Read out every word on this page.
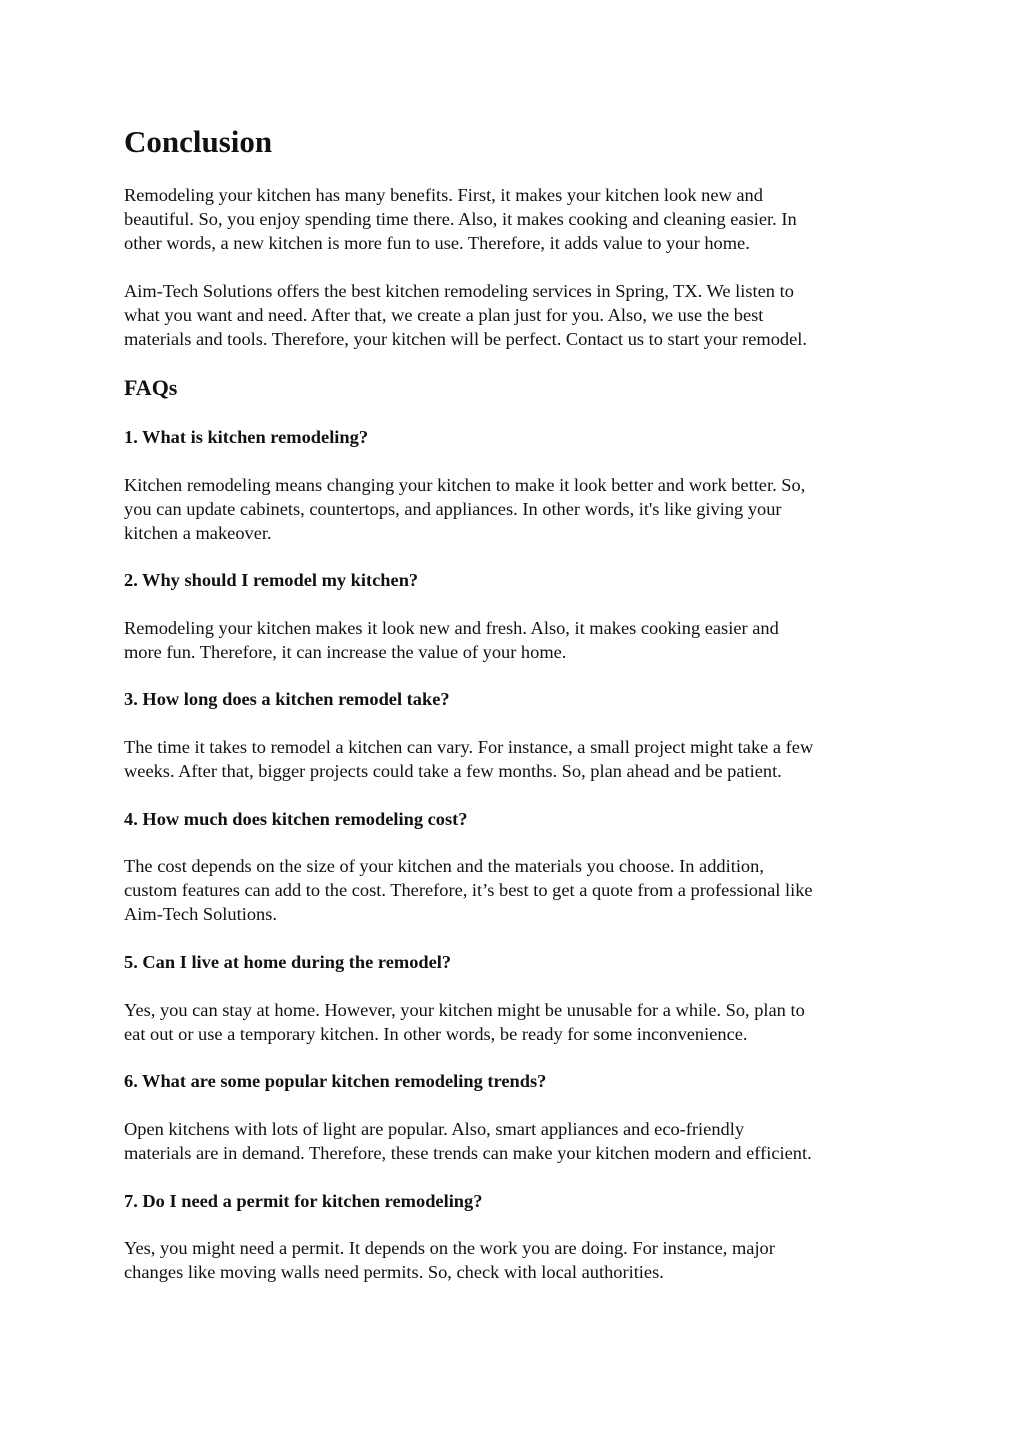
Conclusion
Remodeling your kitchen has many benefits. First, it makes your kitchen look new and
beautiful. So, you enjoy spending time there. Also, it makes cooking and cleaning easier. In
other words, a new kitchen is more fun to use. Therefore, it adds value to your home.
Aim-Tech Solutions offers the best kitchen remodeling services in Spring, TX. We listen to
what you want and need. After that, we create a plan just for you. Also, we use the best
materials and tools. Therefore, your kitchen will be perfect. Contact us to start your remodel.
FAQs
1. What is kitchen remodeling?
Kitchen remodeling means changing your kitchen to make it look better and work better. So,
you can update cabinets, countertops, and appliances. In other words, it's like giving your
kitchen a makeover.
2. Why should I remodel my kitchen?
Remodeling your kitchen makes it look new and fresh. Also, it makes cooking easier and
more fun. Therefore, it can increase the value of your home.
3. How long does a kitchen remodel take?
The time it takes to remodel a kitchen can vary. For instance, a small project might take a few
weeks. After that, bigger projects could take a few months. So, plan ahead and be patient.
4. How much does kitchen remodeling cost?
The cost depends on the size of your kitchen and the materials you choose. In addition,
custom features can add to the cost. Therefore, it’s best to get a quote from a professional like
Aim-Tech Solutions.
5. Can I live at home during the remodel?
Yes, you can stay at home. However, your kitchen might be unusable for a while. So, plan to
eat out or use a temporary kitchen. In other words, be ready for some inconvenience.
6. What are some popular kitchen remodeling trends?
Open kitchens with lots of light are popular. Also, smart appliances and eco-friendly
materials are in demand. Therefore, these trends can make your kitchen modern and efficient.
7. Do I need a permit for kitchen remodeling?
Yes, you might need a permit. It depends on the work you are doing. For instance, major
changes like moving walls need permits. So, check with local authorities.
